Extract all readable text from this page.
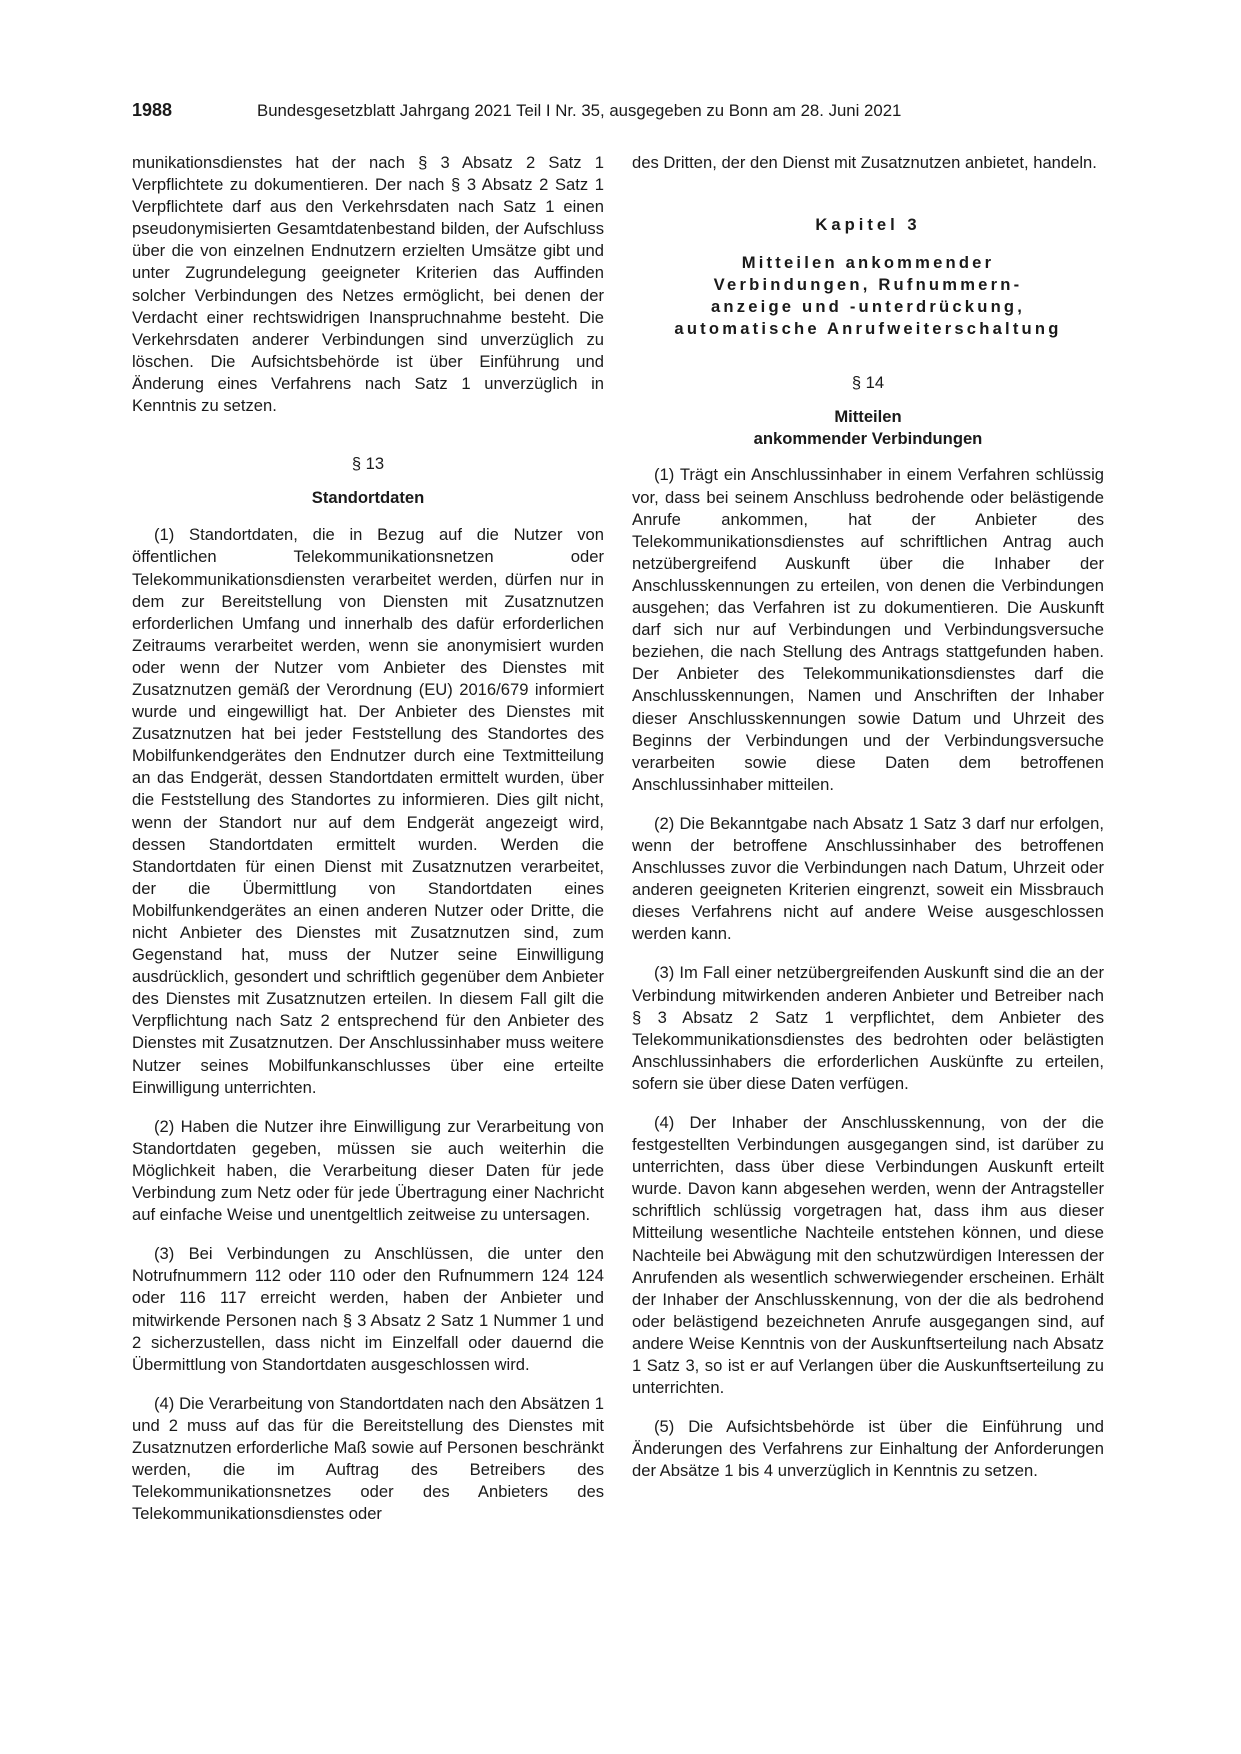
1988	Bundesgesetzblatt Jahrgang 2021 Teil I Nr. 35, ausgegeben zu Bonn am 28. Juni 2021

munikationsdienstes hat der nach § 3 Absatz 2 Satz 1 Verpflichtete zu dokumentieren. Der nach § 3 Absatz 2 Satz 1 Verpflichtete darf aus den Verkehrsdaten nach Satz 1 einen pseudonymisierten Gesamtdatenbestand bilden, der Aufschluss über die von einzelnen Endnutzern erzielten Umsätze gibt und unter Zugrundelegung geeigneter Kriterien das Auffinden solcher Verbindungen des Netzes ermöglicht, bei denen der Verdacht einer rechtswidrigen Inanspruchnahme besteht. Die Verkehrsdaten anderer Verbindungen sind unverzüglich zu löschen. Die Aufsichtsbehörde ist über Einführung und Änderung eines Verfahrens nach Satz 1 unverzüglich in Kenntnis zu setzen.

§ 13
Standortdaten

(1) Standortdaten, die in Bezug auf die Nutzer von öffentlichen Telekommunikationsnetzen oder Telekommunikationsdiensten verarbeitet werden, dürfen nur in dem zur Bereitstellung von Diensten mit Zusatznutzen erforderlichen Umfang und innerhalb des dafür erforderlichen Zeitraums verarbeitet werden, wenn sie anonymisiert wurden oder wenn der Nutzer vom Anbieter des Dienstes mit Zusatznutzen gemäß der Verordnung (EU) 2016/679 informiert wurde und eingewilligt hat. Der Anbieter des Dienstes mit Zusatznutzen hat bei jeder Feststellung des Standortes des Mobilfunkendgerätes den Endnutzer durch eine Textmitteilung an das Endgerät, dessen Standortdaten ermittelt wurden, über die Feststellung des Standortes zu informieren. Dies gilt nicht, wenn der Standort nur auf dem Endgerät angezeigt wird, dessen Standortdaten ermittelt wurden. Werden die Standortdaten für einen Dienst mit Zusatznutzen verarbeitet, der die Übermittlung von Standortdaten eines Mobilfunkendgerätes an einen anderen Nutzer oder Dritte, die nicht Anbieter des Dienstes mit Zusatznutzen sind, zum Gegenstand hat, muss der Nutzer seine Einwilligung ausdrücklich, gesondert und schriftlich gegenüber dem Anbieter des Dienstes mit Zusatznutzen erteilen. In diesem Fall gilt die Verpflichtung nach Satz 2 entsprechend für den Anbieter des Dienstes mit Zusatznutzen. Der Anschlussinhaber muss weitere Nutzer seines Mobilfunkanschlusses über eine erteilte Einwilligung unterrichten.

(2) Haben die Nutzer ihre Einwilligung zur Verarbeitung von Standortdaten gegeben, müssen sie auch weiterhin die Möglichkeit haben, die Verarbeitung dieser Daten für jede Verbindung zum Netz oder für jede Übertragung einer Nachricht auf einfache Weise und unentgeltlich zeitweise zu untersagen.

(3) Bei Verbindungen zu Anschlüssen, die unter den Notrufnummern 112 oder 110 oder den Rufnummern 124 124 oder 116 117 erreicht werden, haben der Anbieter und mitwirkende Personen nach § 3 Absatz 2 Satz 1 Nummer 1 und 2 sicherzustellen, dass nicht im Einzelfall oder dauernd die Übermittlung von Standortdaten ausgeschlossen wird.

(4) Die Verarbeitung von Standortdaten nach den Absätzen 1 und 2 muss auf das für die Bereitstellung des Dienstes mit Zusatznutzen erforderliche Maß sowie auf Personen beschränkt werden, die im Auftrag des Betreibers des Telekommunikationsnetzes oder des Anbieters des Telekommunikationsdienstes oder

des Dritten, der den Dienst mit Zusatznutzen anbietet, handeln.

Kapitel 3
Mitteilen ankommender
Verbindungen, Rufnummern-
anzeige und -unterdrückung,
automatische Anrufweiterschaltung
§ 14
Mitteilen
ankommender Verbindungen

(1) Trägt ein Anschlussinhaber in einem Verfahren schlüssig vor, dass bei seinem Anschluss bedrohende oder belästigende Anrufe ankommen, hat der Anbieter des Telekommunikationsdienstes auf schriftlichen Antrag auch netzübergreifend Auskunft über die Inhaber der Anschlusskennungen zu erteilen, von denen die Verbindungen ausgehen; das Verfahren ist zu dokumentieren. Die Auskunft darf sich nur auf Verbindungen und Verbindungsversuche beziehen, die nach Stellung des Antrags stattgefunden haben. Der Anbieter des Telekommunikationsdienstes darf die Anschlusskennungen, Namen und Anschriften der Inhaber dieser Anschlusskennungen sowie Datum und Uhrzeit des Beginns der Verbindungen und der Verbindungsversuche verarbeiten sowie diese Daten dem betroffenen Anschlussinhaber mitteilen.

(2) Die Bekanntgabe nach Absatz 1 Satz 3 darf nur erfolgen, wenn der betroffene Anschlussinhaber des betroffenen Anschlusses zuvor die Verbindungen nach Datum, Uhrzeit oder anderen geeigneten Kriterien eingrenzt, soweit ein Missbrauch dieses Verfahrens nicht auf andere Weise ausgeschlossen werden kann.

(3) Im Fall einer netzübergreifenden Auskunft sind die an der Verbindung mitwirkenden anderen Anbieter und Betreiber nach § 3 Absatz 2 Satz 1 verpflichtet, dem Anbieter des Telekommunikationsdienstes des bedrohten oder belästigten Anschlussinhabers die erforderlichen Auskünfte zu erteilen, sofern sie über diese Daten verfügen.

(4) Der Inhaber der Anschlusskennung, von der die festgestellten Verbindungen ausgegangen sind, ist darüber zu unterrichten, dass über diese Verbindungen Auskunft erteilt wurde. Davon kann abgesehen werden, wenn der Antragsteller schriftlich schlüssig vorgetragen hat, dass ihm aus dieser Mitteilung wesentliche Nachteile entstehen können, und diese Nachteile bei Abwägung mit den schutzwürdigen Interessen der Anrufenden als wesentlich schwerwiegender erscheinen. Erhält der Inhaber der Anschlusskennung, von der die als bedrohend oder belästigend bezeichneten Anrufe ausgegangen sind, auf andere Weise Kenntnis von der Auskunftserteilung nach Absatz 1 Satz 3, so ist er auf Verlangen über die Auskunftserteilung zu unterrichten.

(5) Die Aufsichtsbehörde ist über die Einführung und Änderungen des Verfahrens zur Einhaltung der Anforderungen der Absätze 1 bis 4 unverzüglich in Kenntnis zu setzen.
